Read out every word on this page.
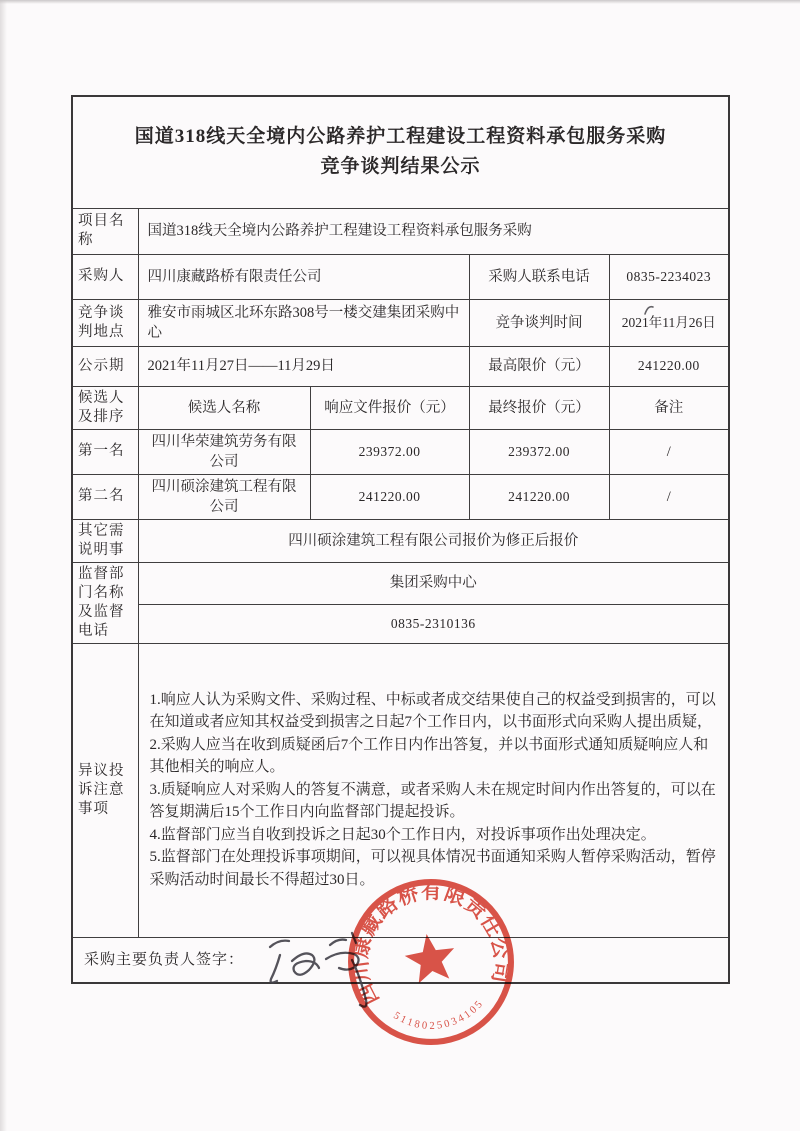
国道318线天全境内公路养护工程建设工程资料承包服务采购
竞争谈判结果公示				

项目名称	国道318线天全境内公路养护工程建设工程资料承包服务采购			
采购人	四川康藏路桥有限责任公司		采购人联系电话	0835-2234023
竞争谈判地点	雅安市雨城区北环东路308号一楼交建集团采购中心		竞争谈判时间	2021年11月26日
公示期	2021年11月27日——11月29日		最高限价（元）	241220.00
候选人及排序	候选人名称	响应文件报价（元）	最终报价（元）	备注
第一名	四川华荣建筑劳务有限公司	239372.00	239372.00	/
第二名	四川硕涂建筑工程有限公司	241220.00	241220.00	/
其它需说明事	四川硕涂建筑工程有限公司报价为修正后报价			
监督部门名称及监督电话	集团采购中心			
	0835-2310136			
异议投诉注意事项	1.响应人认为采购文件、采购过程、中标或者成交结果使自己的权益受到损害的，可以在知道或者应知其权益受到损害之日起7个工作日内，以书面形式向采购人提出质疑，
2.采购人应当在收到质疑函后7个工作日内作出答复，并以书面形式通知质疑响应人和其他相关的响应人。
3.质疑响应人对采购人的答复不满意，或者采购人未在规定时间内作出答复的，可以在答复期满后15个工作日内向监督部门提起投诉。
4.监督部门应当自收到投诉之日起30个工作日内，对投诉事项作出处理决定。
5.监督部门在处理投诉事项期间，可以视具体情况书面通知采购人暂停采购活动，暂停采购活动时间最长不得超过30日。			

采购主要负责人签字：				
四川康藏路桥有限责任公司
5118025034105
